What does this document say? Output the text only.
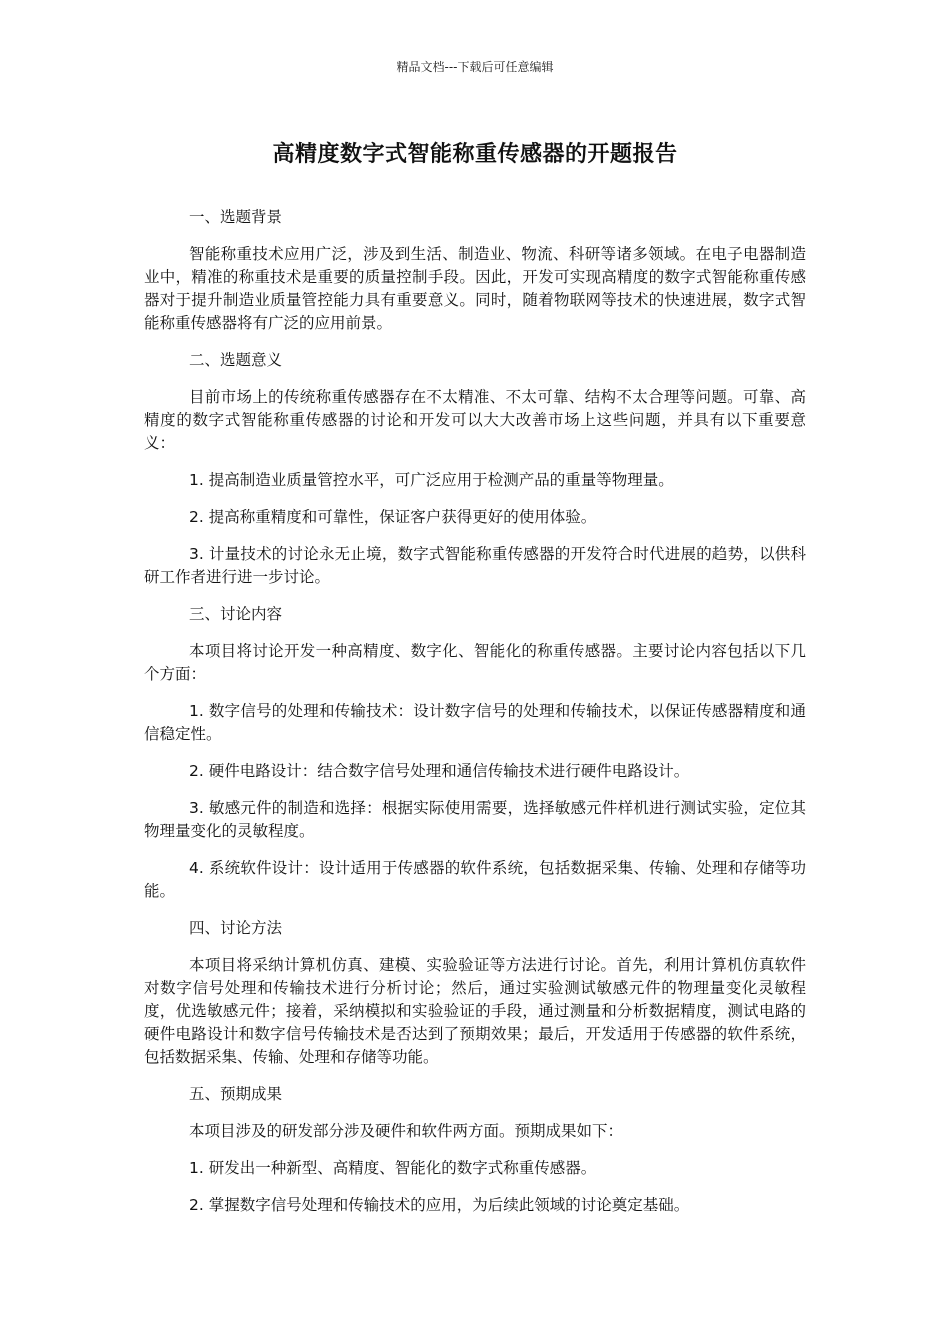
精品文档---下载后可任意编辑
高精度数字式智能称重传感器的开题报告

一、选题背景

智能称重技术应用广泛，涉及到生活、制造业、物流、科研等诸多领域。在电子电器制造业中，精准的称重技术是重要的质量控制手段。因此，开发可实现高精度的数字式智能称重传感器对于提升制造业质量管控能力具有重要意义。同时，随着物联网等技术的快速进展，数字式智能称重传感器将有广泛的应用前景。

二、选题意义

目前市场上的传统称重传感器存在不太精准、不太可靠、结构不太合理等问题。可靠、高精度的数字式智能称重传感器的讨论和开发可以大大改善市场上这些问题，并具有以下重要意义：

1. 提高制造业质量管控水平，可广泛应用于检测产品的重量等物理量。

2. 提高称重精度和可靠性，保证客户获得更好的使用体验。

3. 计量技术的讨论永无止境，数字式智能称重传感器的开发符合时代进展的趋势，以供科研工作者进行进一步讨论。

三、讨论内容

本项目将讨论开发一种高精度、数字化、智能化的称重传感器。主要讨论内容包括以下几个方面：

1. 数字信号的处理和传输技术：设计数字信号的处理和传输技术，以保证传感器精度和通信稳定性。

2. 硬件电路设计：结合数字信号处理和通信传输技术进行硬件电路设计。

3. 敏感元件的制造和选择：根据实际使用需要，选择敏感元件样机进行测试实验，定位其物理量变化的灵敏程度。

4. 系统软件设计：设计适用于传感器的软件系统，包括数据采集、传输、处理和存储等功能。

四、讨论方法

本项目将采纳计算机仿真、建模、实验验证等方法进行讨论。首先，利用计算机仿真软件对数字信号处理和传输技术进行分析讨论；然后，通过实验测试敏感元件的物理量变化灵敏程度，优选敏感元件；接着，采纳模拟和实验验证的手段，通过测量和分析数据精度，测试电路的硬件电路设计和数字信号传输技术是否达到了预期效果；最后，开发适用于传感器的软件系统，包括数据采集、传输、处理和存储等功能。

五、预期成果

本项目涉及的研发部分涉及硬件和软件两方面。预期成果如下：

1. 研发出一种新型、高精度、智能化的数字式称重传感器。

2. 掌握数字信号处理和传输技术的应用，为后续此领域的讨论奠定基础。
